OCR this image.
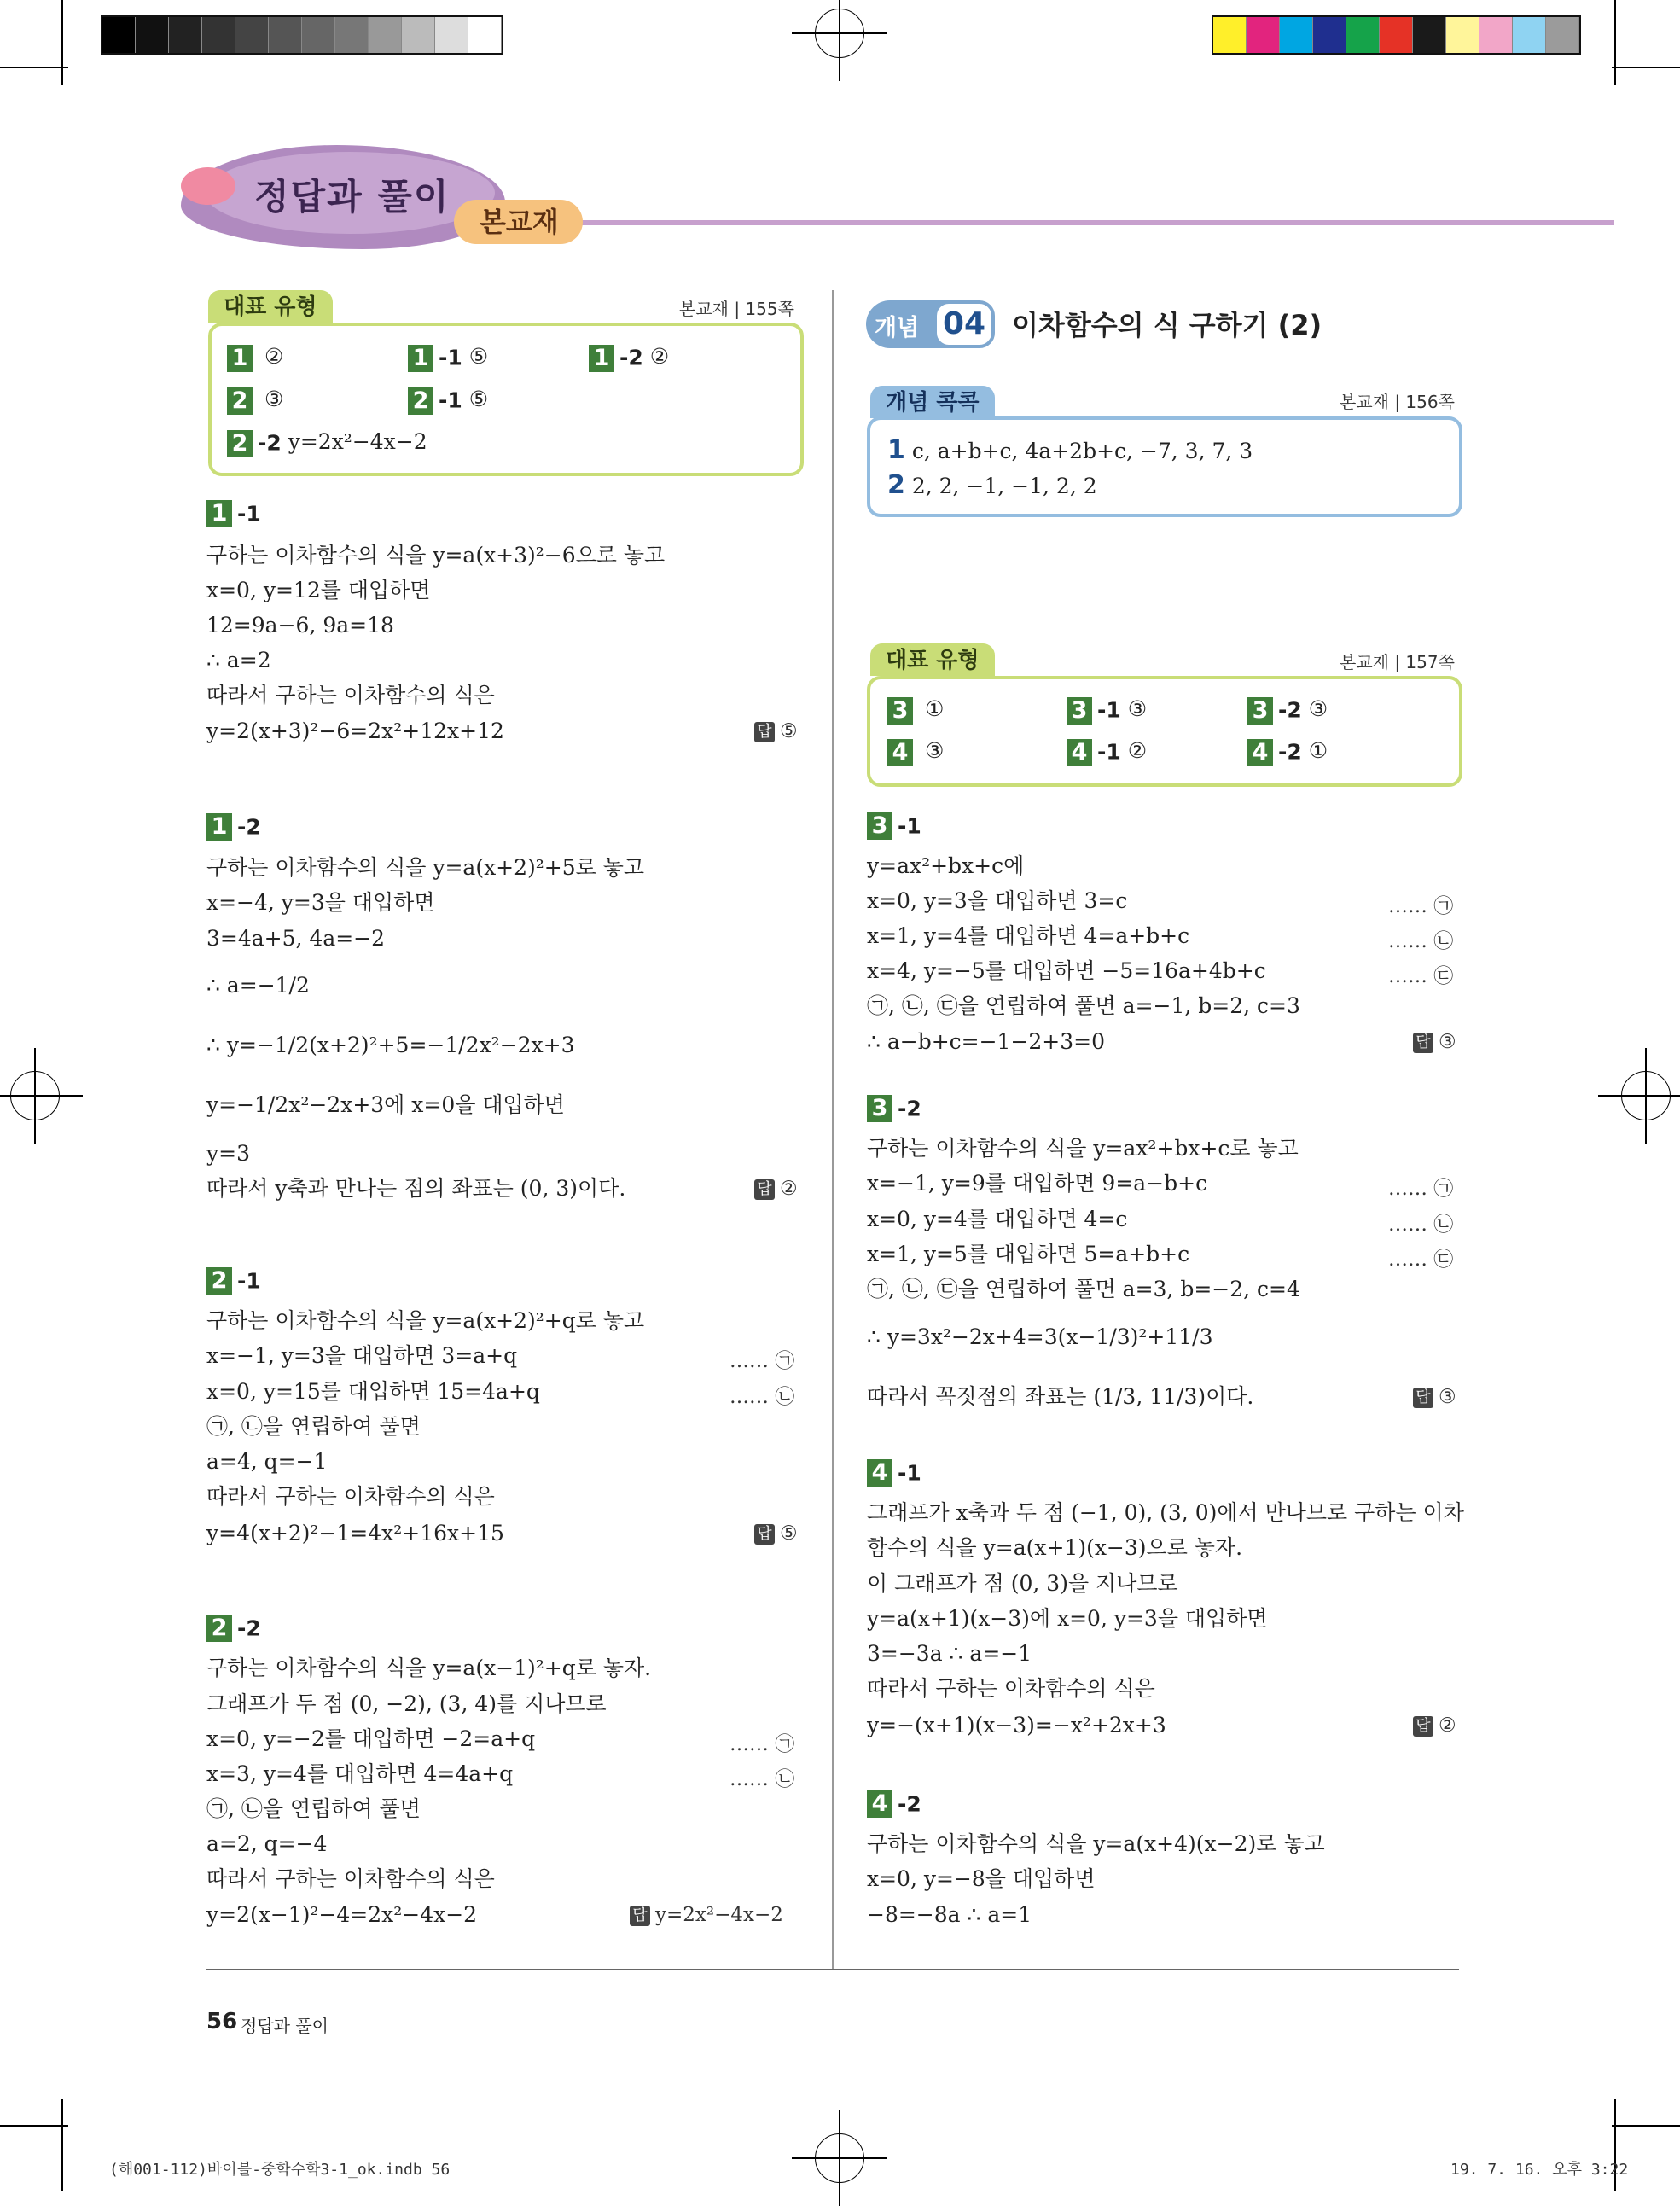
정답과 풀이
본교재
대표 유형	본교재 | 155쪽
1 ②	1 -1 ⑤	1 -2 ②
2 ③	2 -1 ⑤
2 -2 y=2x²−4x−2
1 -1
구하는 이차함수의 식을 y=a(x+3)²−6으로 놓고
x=0, y=12를 대입하면
12=9a−6, 9a=18
∴ a=2
따라서 구하는 이차함수의 식은
y=2(x+3)²−6=2x²+12x+12	답 ⑤
1 -2
구하는 이차함수의 식을 y=a(x+2)²+5로 놓고
x=−4, y=3을 대입하면
3=4a+5, 4a=−2
∴ a=−1/2
∴ y=−1/2(x+2)²+5=−1/2x²−2x+3
y=−1/2x²−2x+3에 x=0을 대입하면
y=3
따라서 y축과 만나는 점의 좌표는 (0, 3)이다.	답 ②
2 -1
구하는 이차함수의 식을 y=a(x+2)²+q로 놓고
x=−1, y=3을 대입하면 3=a+q	…… ㉠
x=0, y=15를 대입하면 15=4a+q	…… ㉡
㉠, ㉡을 연립하여 풀면
a=4, q=−1
따라서 구하는 이차함수의 식은
y=4(x+2)²−1=4x²+16x+15	답 ⑤
2 -2
구하는 이차함수의 식을 y=a(x−1)²+q로 놓자.
그래프가 두 점 (0, −2), (3, 4)를 지나므로
x=0, y=−2를 대입하면 −2=a+q	…… ㉠
x=3, y=4를 대입하면 4=4a+q	…… ㉡
㉠, ㉡을 연립하여 풀면
a=2, q=−4
따라서 구하는 이차함수의 식은
y=2(x−1)²−4=2x²−4x−2	답 y=2x²−4x−2
개념 04 이차함수의 식 구하기 (2)
개념 콕콕	본교재 | 156쪽
1 c, a+b+c, 4a+2b+c, −7, 3, 7, 3
2 2, 2, −1, −1, 2, 2
대표 유형	본교재 | 157쪽
3 ①	3 -1 ③	3 -2 ③
4 ③	4 -1 ②	4 -2 ①
3 -1
y=ax²+bx+c에
x=0, y=3을 대입하면 3=c	…… ㉠
x=1, y=4를 대입하면 4=a+b+c	…… ㉡
x=4, y=−5를 대입하면 −5=16a+4b+c	…… ㉢
㉠, ㉡, ㉢을 연립하여 풀면 a=−1, b=2, c=3
∴ a−b+c=−1−2+3=0	답 ③
3 -2
구하는 이차함수의 식을 y=ax²+bx+c로 놓고
x=−1, y=9를 대입하면 9=a−b+c	…… ㉠
x=0, y=4를 대입하면 4=c	…… ㉡
x=1, y=5를 대입하면 5=a+b+c	…… ㉢
㉠, ㉡, ㉢을 연립하여 풀면 a=3, b=−2, c=4
∴ y=3x²−2x+4=3(x−1/3)²+11/3
따라서 꼭짓점의 좌표는 (1/3, 11/3)이다.	답 ③
4 -1
그래프가 x축과 두 점 (−1, 0), (3, 0)에서 만나므로 구하는 이차
함수의 식을 y=a(x+1)(x−3)으로 놓자.
이 그래프가 점 (0, 3)을 지나므로
y=a(x+1)(x−3)에 x=0, y=3을 대입하면
3=−3a ∴ a=−1
따라서 구하는 이차함수의 식은
y=−(x+1)(x−3)=−x²+2x+3	답 ②
4 -2
구하는 이차함수의 식을 y=a(x+4)(x−2)로 놓고
x=0, y=−8을 대입하면
−8=−8a ∴ a=1
56 정답과 풀이
(해001-112)바이블-중학수학3-1_ok.indb 56	19. 7. 16. 오후 3:22
